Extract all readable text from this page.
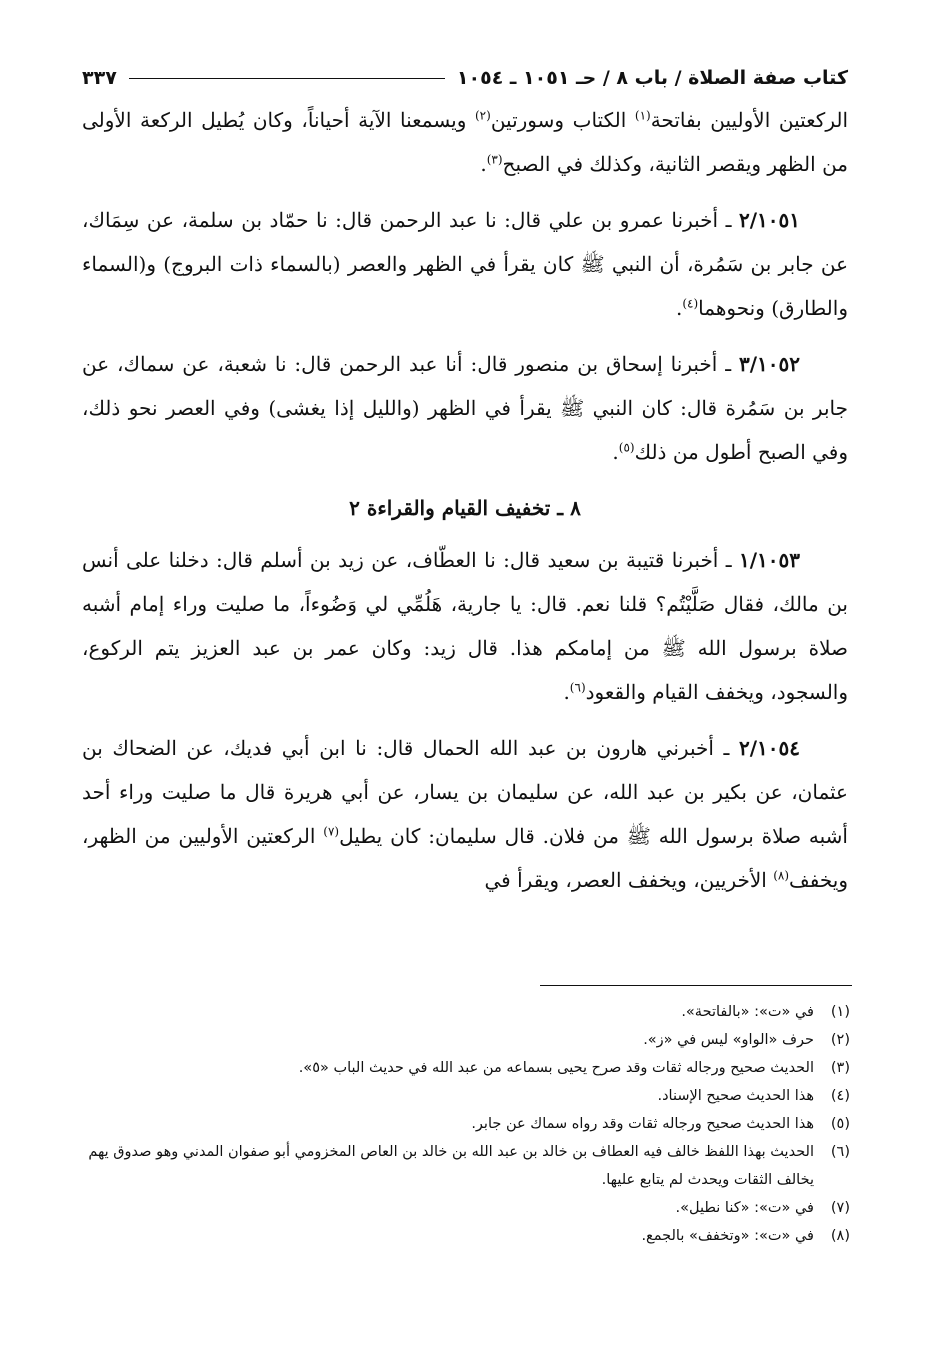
كتاب صفة الصلاة / باب ٨ / حـ ١٠٥١ ـ ١٠٥٤
٣٣٧

الركعتين الأوليين بفاتحة$^{(١)}$ الكتاب وسورتين$^{(٢)}$ ويسمعنا الآية أحياناً، وكان يُطيل الركعة الأولى من الظهر ويقصر الثانية، وكذلك في الصبح$^{(٣)}$.

٢/١٠٥١ ـ أخبرنا عمرو بن علي قال: نا عبد الرحمن قال: نا حمّاد بن سلمة، عن سِمَاك، عن جابر بن سَمُرة، أن النبي ﷺ كان يقرأ في الظهر والعصر (بالسماء ذات البروج) و(السماء والطارق) ونحوهما$^{(٤)}$.

٣/١٠٥٢ ـ أخبرنا إسحاق بن منصور قال: أنا عبد الرحمن قال: نا شعبة، عن سماك، عن جابر بن سَمُرة قال: كان النبي ﷺ يقرأ في الظهر (والليل إذا يغشى) وفي العصر نحو ذلك، وفي الصبح أطول من ذلك$^{(٥)}$.

٨ ـ تخفيف القيام والقراءة ٢

١/١٠٥٣ ـ أخبرنا قتيبة بن سعيد قال: نا العطّاف، عن زيد بن أسلم قال: دخلنا على أنس بن مالك، فقال صَلَّيْتُم؟ قلنا نعم. قال: يا جارية، هَلُمِّي لي وَضُوءاً، ما صليت وراء إمام أشبه صلاة برسول الله ﷺ من إمامكم هذا. قال زيد: وكان عمر بن عبد العزيز يتم الركوع، والسجود، ويخفف القيام والقعود$^{(٦)}$.

٢/١٠٥٤ ـ أخبرني هارون بن عبد الله الحمال قال: نا ابن أبي فديك، عن الضحاك بن عثمان، عن بكير بن عبد الله، عن سليمان بن يسار، عن أبي هريرة قال ما صليت وراء أحد أشبه صلاة برسول الله ﷺ من فلان. قال سليمان: كان يطيل$^{(٧)}$ الركعتين الأوليين من الظهر، ويخفف$^{(٨)}$ الأخريين، ويخفف العصر، ويقرأ في

(١)
في «ت»: «بالفاتحة».
(٢)
حرف «الواو» ليس في «ز».
(٣)
الحديث صحيح ورجاله ثقات وقد صرح يحيى بسماعه من عبد الله في حديث الباب «٥».
(٤)
هذا الحديث صحيح الإسناد.
(٥)
هذا الحديث صحيح ورجاله ثقات وقد رواه سماك عن جابر.
(٦)
الحديث بهذا اللفظ خالف فيه العطاف بن خالد بن عبد الله بن خالد بن العاص المخزومي أبو صفوان المدني وهو صدوق يهم يخالف الثقات ويحدث لم يتابع عليها.
(٧)
في «ت»: «كنا نطيل».
(٨)
في «ت»: «وتخفف» بالجمع.
